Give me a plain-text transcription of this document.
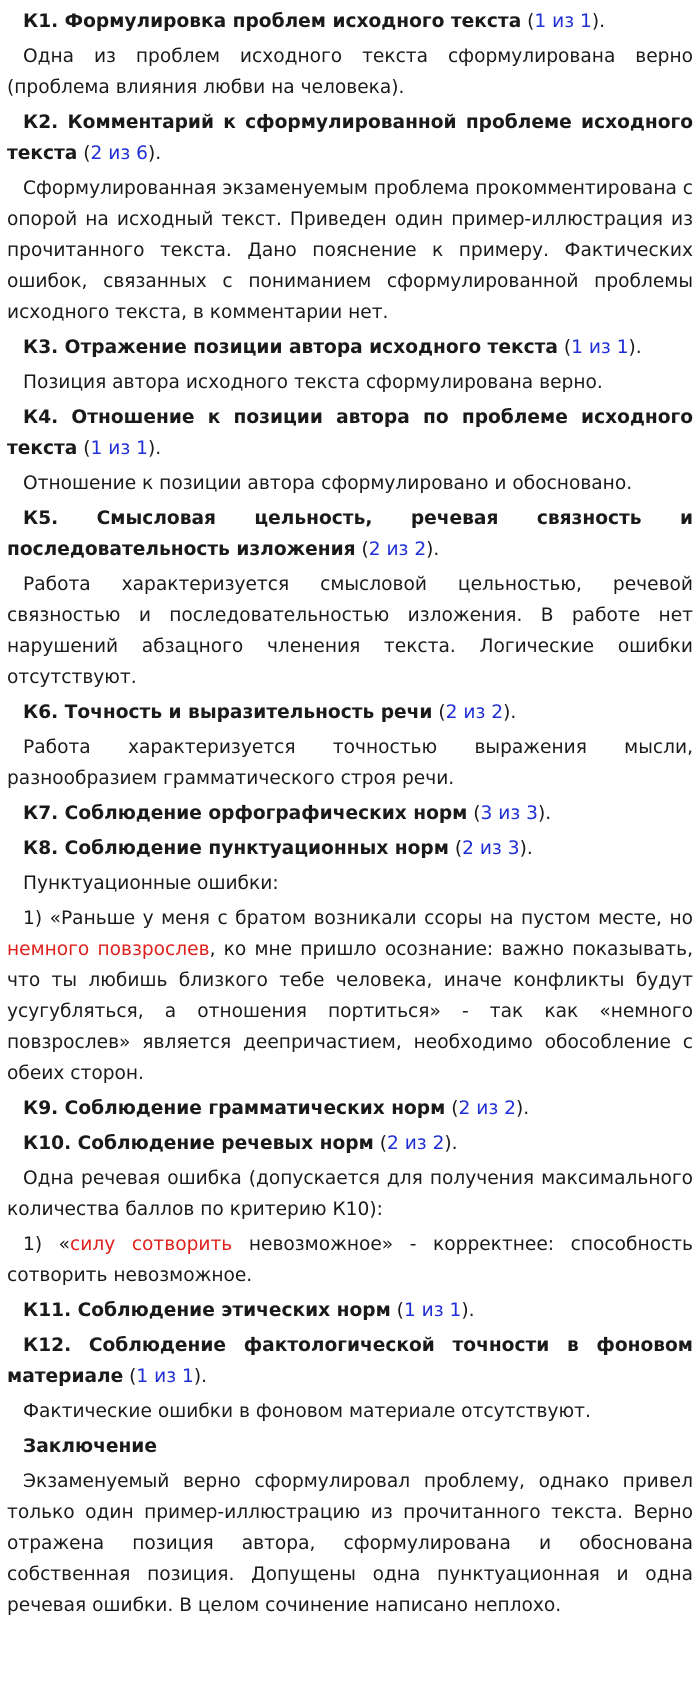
К1. Формулировка проблем исходного текста (1 из 1).

Одна из проблем исходного текста сформулирована верно (проблема влияния любви на человека).

К2. Комментарий к сформулированной проблеме исходного текста (2 из 6).

Сформулированная экзаменуемым проблема прокомментирована с опорой на исходный текст. Приведен один пример-иллюстрация из прочитанного текста. Дано пояснение к примеру. Фактических ошибок, связанных с пониманием сформулированной проблемы исходного текста, в комментарии нет.

К3. Отражение позиции автора исходного текста (1 из 1).

Позиция автора исходного текста сформулирована верно.

К4. Отношение к позиции автора по проблеме исходного текста (1 из 1).

Отношение к позиции автора сформулировано и обосновано.

К5. Смысловая цельность, речевая связность и последовательность изложения (2 из 2).

Работа характеризуется смысловой цельностью, речевой связностью и последовательностью изложения. В работе нет нарушений абзацного членения текста. Логические ошибки отсутствуют.

К6. Точность и выразительность речи (2 из 2).

Работа характеризуется точностью выражения мысли, разнообразием грамматического строя речи.

К7. Соблюдение орфографических норм (3 из 3).

К8. Соблюдение пунктуационных норм (2 из 3).

Пунктуационные ошибки:

1) «Раньше у меня с братом возникали ссоры на пустом месте, но немного повзрослев, ко мне пришло осознание: важно показывать, что ты любишь близкого тебе человека, иначе конфликты будут усугубляться, а отношения портиться» - так как «немного повзрослев» является деепричастием, необходимо обособление с обеих сторон.

К9. Соблюдение грамматических норм (2 из 2).

К10. Соблюдение речевых норм (2 из 2).

Одна речевая ошибка (допускается для получения максимального количества баллов по критерию К10):

1) «силу сотворить невозможное» - корректнее: способность сотворить невозможное.

К11. Соблюдение этических норм (1 из 1).

К12. Соблюдение фактологической точности в фоновом материале (1 из 1).

Фактические ошибки в фоновом материале отсутствуют.

Заключение

Экзаменуемый верно сформулировал проблему, однако привел только один пример-иллюстрацию из прочитанного текста. Верно отражена позиция автора, сформулирована и обоснована собственная позиция. Допущены одна пунктуационная и одна речевая ошибки. В целом сочинение написано неплохо.
